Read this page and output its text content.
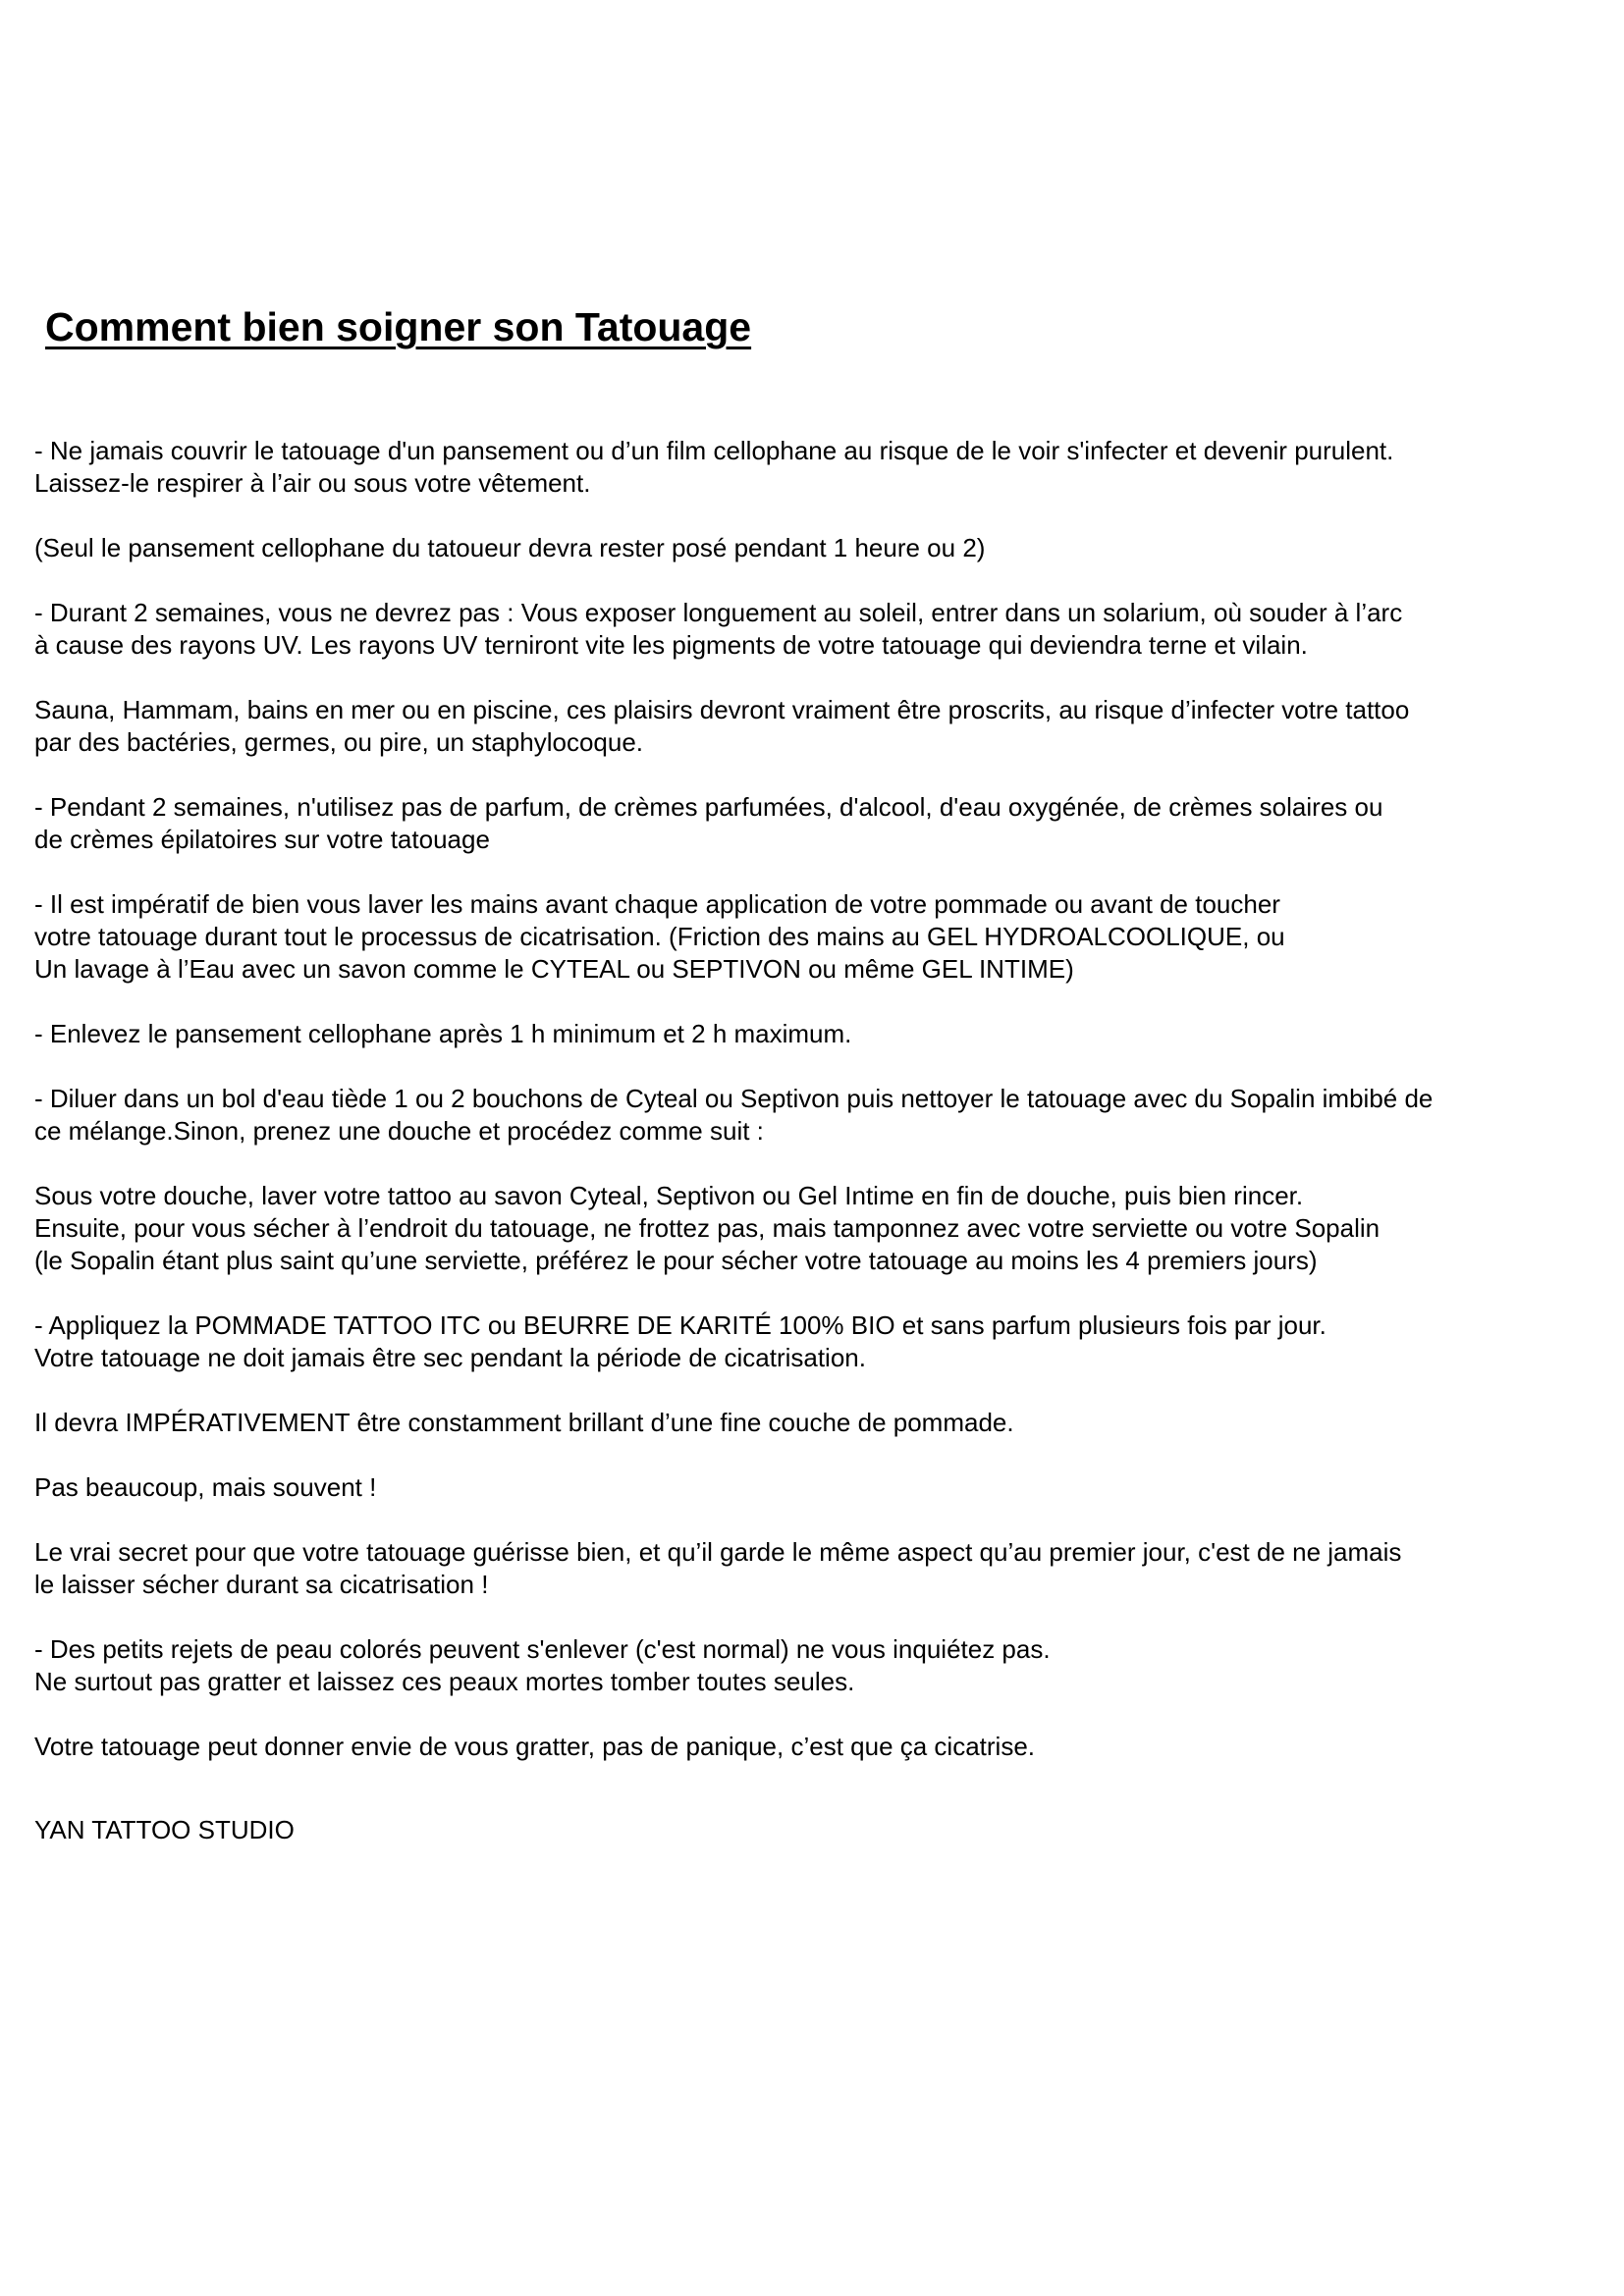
Comment bien soigner son Tatouage

- Ne jamais couvrir le tatouage d'un pansement ou d’un film cellophane au risque de le voir s'infecter et devenir purulent.
Laissez-le respirer à l’air ou sous votre vêtement.

(Seul le pansement cellophane du tatoueur devra rester posé pendant 1 heure ou 2)

- Durant 2 semaines, vous ne devrez pas : Vous exposer longuement au soleil, entrer dans un solarium, où souder à l’arc
à cause des rayons UV. Les rayons UV terniront vite les pigments de votre tatouage qui deviendra terne et vilain.

Sauna, Hammam, bains en mer ou en piscine, ces plaisirs devront vraiment être proscrits, au risque d’infecter votre tattoo
par des bactéries, germes, ou pire, un staphylocoque.

- Pendant 2 semaines, n'utilisez pas de parfum, de crèmes parfumées, d'alcool, d'eau oxygénée, de crèmes solaires ou
de crèmes épilatoires sur votre tatouage

- Il est impératif de bien vous laver les mains avant chaque application de votre pommade ou avant de toucher
votre tatouage durant tout le processus de cicatrisation. (Friction des mains au GEL HYDROALCOOLIQUE, ou
Un lavage à l’Eau avec un savon comme le CYTEAL ou SEPTIVON ou même GEL INTIME)

- Enlevez le pansement cellophane après 1 h minimum et 2 h maximum.

- Diluer dans un bol d'eau tiède 1 ou 2 bouchons de Cyteal ou Septivon puis nettoyer le tatouage avec du Sopalin imbibé de
ce mélange.Sinon, prenez une douche et procédez comme suit :

Sous votre douche, laver votre tattoo au savon Cyteal, Septivon ou Gel Intime en fin de douche, puis bien rincer.
Ensuite, pour vous sécher à l’endroit du tatouage, ne frottez pas, mais tamponnez avec votre serviette ou votre Sopalin
(le Sopalin étant plus saint qu’une serviette, préférez le pour sécher votre tatouage au moins les 4 premiers jours)

- Appliquez la POMMADE TATTOO ITC ou BEURRE DE KARITÉ 100% BIO et sans parfum plusieurs fois par jour.
Votre tatouage ne doit jamais être sec pendant la période de cicatrisation.

Il devra IMPÉRATIVEMENT être constamment brillant d’une fine couche de pommade.

Pas beaucoup, mais souvent !

Le vrai secret pour que votre tatouage guérisse bien, et qu’il garde le même aspect qu’au premier jour, c'est de ne jamais
le laisser sécher durant sa cicatrisation !

- Des petits rejets de peau colorés peuvent s'enlever (c'est normal) ne vous inquiétez pas.
Ne surtout pas gratter et laissez ces peaux mortes tomber toutes seules.

Votre tatouage peut donner envie de vous gratter, pas de panique, c’est que ça cicatrise.

YAN TATTOO STUDIO
